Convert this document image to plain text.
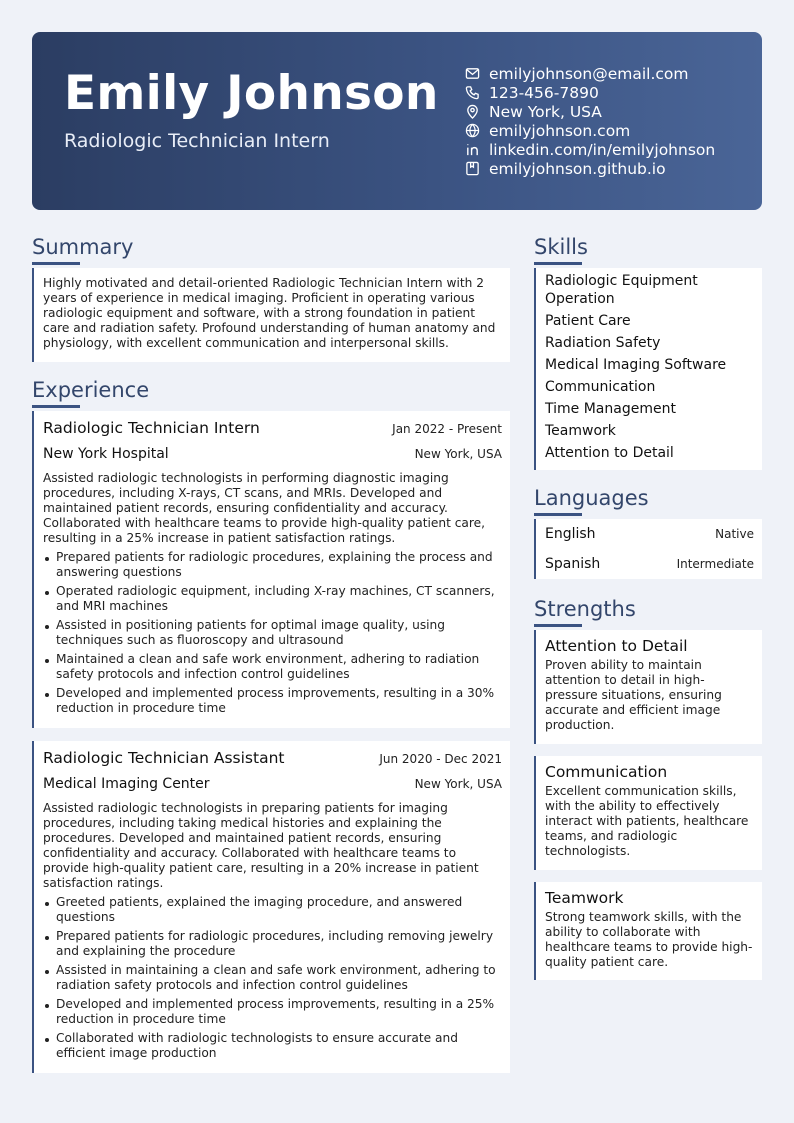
Emily Johnson
Radiologic Technician Intern
emilyjohnson@email.com
123-456-7890
New York, USA
emilyjohnson.com
linkedin.com/in/emilyjohnson
emilyjohnson.github.io
Summary

Highly motivated and detail-oriented Radiologic Technician Intern with 2 years of experience in medical imaging. Proficient in operating various radiologic equipment and software, with a strong foundation in patient care and radiation safety. Profound understanding of human anatomy and physiology, with excellent communication and interpersonal skills.

Experience
Radiologic Technician Intern	Jan 2022 - Present
New York Hospital	New York, USA

Assisted radiologic technologists in performing diagnostic imaging procedures, including X-rays, CT scans, and MRIs. Developed and maintained patient records, ensuring confidentiality and accuracy. Collaborated with healthcare teams to provide high-quality patient care, resulting in a 25% increase in patient satisfaction ratings.

Prepared patients for radiologic procedures, explaining the process and answering questions
Operated radiologic equipment, including X-ray machines, CT scanners, and MRI machines
Assisted in positioning patients for optimal image quality, using techniques such as fluoroscopy and ultrasound
Maintained a clean and safe work environment, adhering to radiation safety protocols and infection control guidelines
Developed and implemented process improvements, resulting in a 30% reduction in procedure time
Radiologic Technician Assistant	Jun 2020 - Dec 2021
Medical Imaging Center	New York, USA

Assisted radiologic technologists in preparing patients for imaging procedures, including taking medical histories and explaining the procedures. Developed and maintained patient records, ensuring confidentiality and accuracy. Collaborated with healthcare teams to provide high-quality patient care, resulting in a 20% increase in patient satisfaction ratings.

Greeted patients, explained the imaging procedure, and answered questions
Prepared patients for radiologic procedures, including removing jewelry and explaining the procedure
Assisted in maintaining a clean and safe work environment, adhering to radiation safety protocols and infection control guidelines
Developed and implemented process improvements, resulting in a 25% reduction in procedure time
Collaborated with radiologic technologists to ensure accurate and efficient image production
Skills
Radiologic Equipment Operation
Patient Care
Radiation Safety
Medical Imaging Software
Communication
Time Management
Teamwork
Attention to Detail
Languages
English	Native
Spanish	Intermediate
Strengths
Attention to Detail

Proven ability to maintain attention to detail in high-pressure situations, ensuring accurate and efficient image production.

Communication

Excellent communication skills, with the ability to effectively interact with patients, healthcare teams, and radiologic technologists.

Teamwork

Strong teamwork skills, with the ability to collaborate with healthcare teams to provide high-quality patient care.
